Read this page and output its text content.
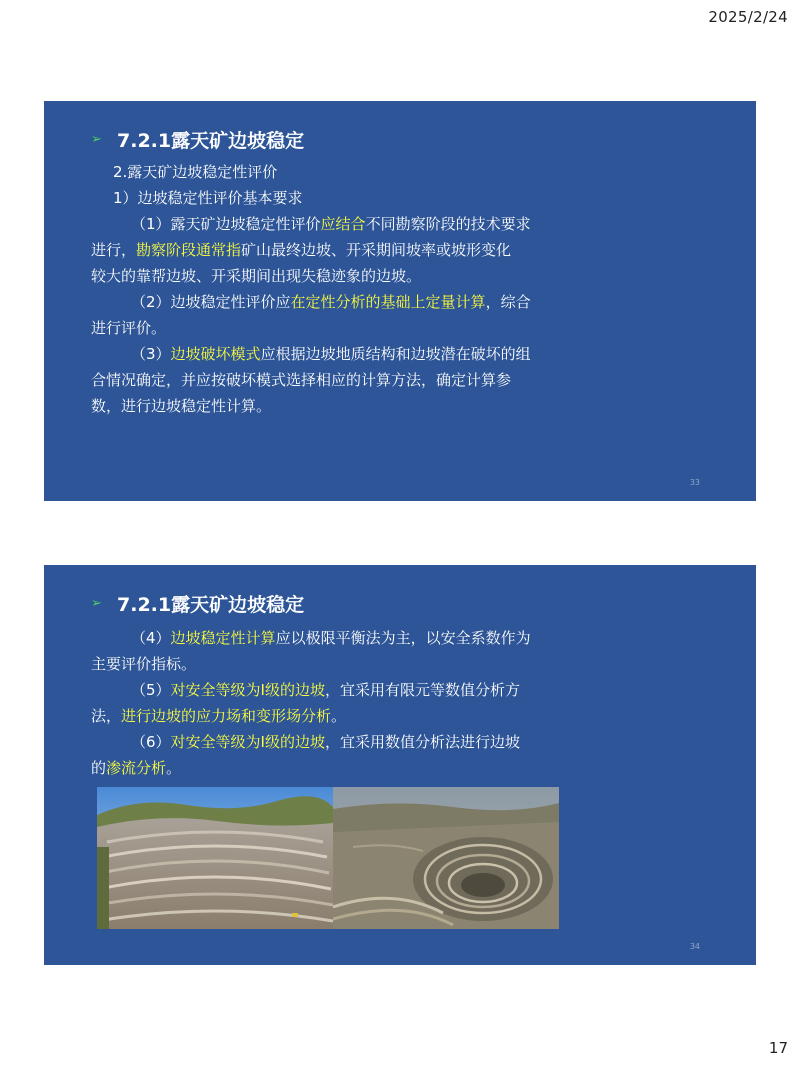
2025/2/24
➢ 7.2.1露天矿边坡稳定
2.露天矿边坡稳定性评价
1）边坡稳定性评价基本要求
（1）露天矿边坡稳定性评价应结合不同勘察阶段的技术要求
进行，勘察阶段通常指矿山最终边坡、开采期间坡率或坡形变化
较大的靠帮边坡、开采期间出现失稳迹象的边坡。
（2）边坡稳定性评价应在定性分析的基础上定量计算，综合
进行评价。
（3）边坡破坏模式应根据边坡地质结构和边坡潜在破坏的组
合情况确定，并应按破坏模式选择相应的计算方法，确定计算参
数，进行边坡稳定性计算。
33
➢ 7.2.1露天矿边坡稳定
（4）边坡稳定性计算应以极限平衡法为主，以安全系数作为
主要评价指标。
（5）对安全等级为Ⅰ级的边坡，宜采用有限元等数值分析方
法，进行边坡的应力场和变形场分析。
（6）对安全等级为Ⅰ级的边坡，宜采用数值分析法进行边坡
的渗流分析。
34
17
